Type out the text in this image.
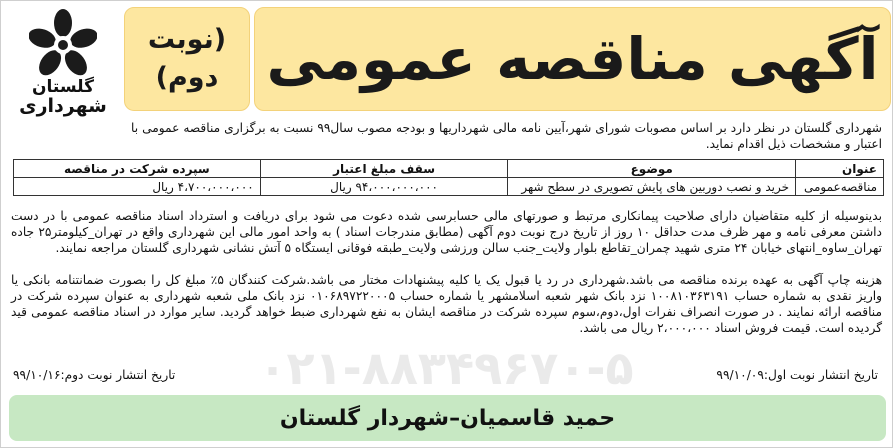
۰۲۱-۸۸۳۴۹۶۷۰-۵
آگهی مناقصه عمومی
(نوبت
دوم)
گلستان
شهرداری

شهرداری گلستان در نظر دارد بر اساس مصوبات شورای شهر،آیین نامه مالی شهرداریها و بودجه مصوب سال۹۹ نسبت به برگزاری مناقصه عمومی با اعتبار و مشخصات ذیل اقدام نماید.

عنوان	موضوع	سقف مبلغ اعتبار	سپرده شرکت در مناقصه
مناقصه‌عمومی	خرید و نصب دوربین های پایش تصویری در سطح شهر	۹۴،۰۰۰،۰۰۰،۰۰۰ ریال	۴،۷۰۰،۰۰۰،۰۰۰ ریال

بدینوسیله از کلیه متقاضیان دارای صلاحیت پیمانکاری مرتبط و صورتهای مالی حسابرسی شده دعوت می شود برای دریافت و استرداد اسناد مناقصه عمومی با در دست داشتن معرفی نامه و مهر ظرف مدت حداقل ۱۰ روز از تاریخ درج نوبت دوم آگهی (مطابق مندرجات اسناد ) به واحد امور مالی این شهرداری واقع در تهران_کیلومتر۲۵ جاده تهران_ساوه_انتهای خیابان ۲۴ متری شهید چمران_تقاطع بلوار ولایت_جنب سالن ورزشی ولایت_طبقه فوقانی ایستگاه ۵ آتش نشانی شهرداری گلستان مراجعه نمایند.

هزینه چاپ آگهی به عهده برنده مناقصه می باشد.شهرداری در رد یا قبول یک یا کلیه پیشنهادات مختار می باشد.شرکت کنندگان ۵٪ مبلغ کل را بصورت ضمانتنامه بانکی یا واریز نقدی به شماره حساب ۱۰۰۸۱۰۳۶۳۱۹۱ نزد بانک شهر شعبه اسلامشهر یا شماره حساب ۰۱۰۶۸۹۷۲۲۰۰۰۵ نزد بانک ملی شعبه شهرداری به عنوان سپرده شرکت در مناقصه ارائه نمایند . در صورت انصراف نفرات اول،دوم،سوم سپرده شرکت در مناقصه ایشان به نفع شهرداری ضبط خواهد گردید. سایر موارد در اسناد مناقصه عمومی قید گردیده است. قیمت فروش اسناد ۲،۰۰۰،۰۰۰ ریال می باشد.

تاریخ انتشار نوبت اول:۹۹/۱۰/۰۹
تاریخ انتشار نوبت دوم:۹۹/۱۰/۱۶
حمید قاسمیان–شهردار گلستان
